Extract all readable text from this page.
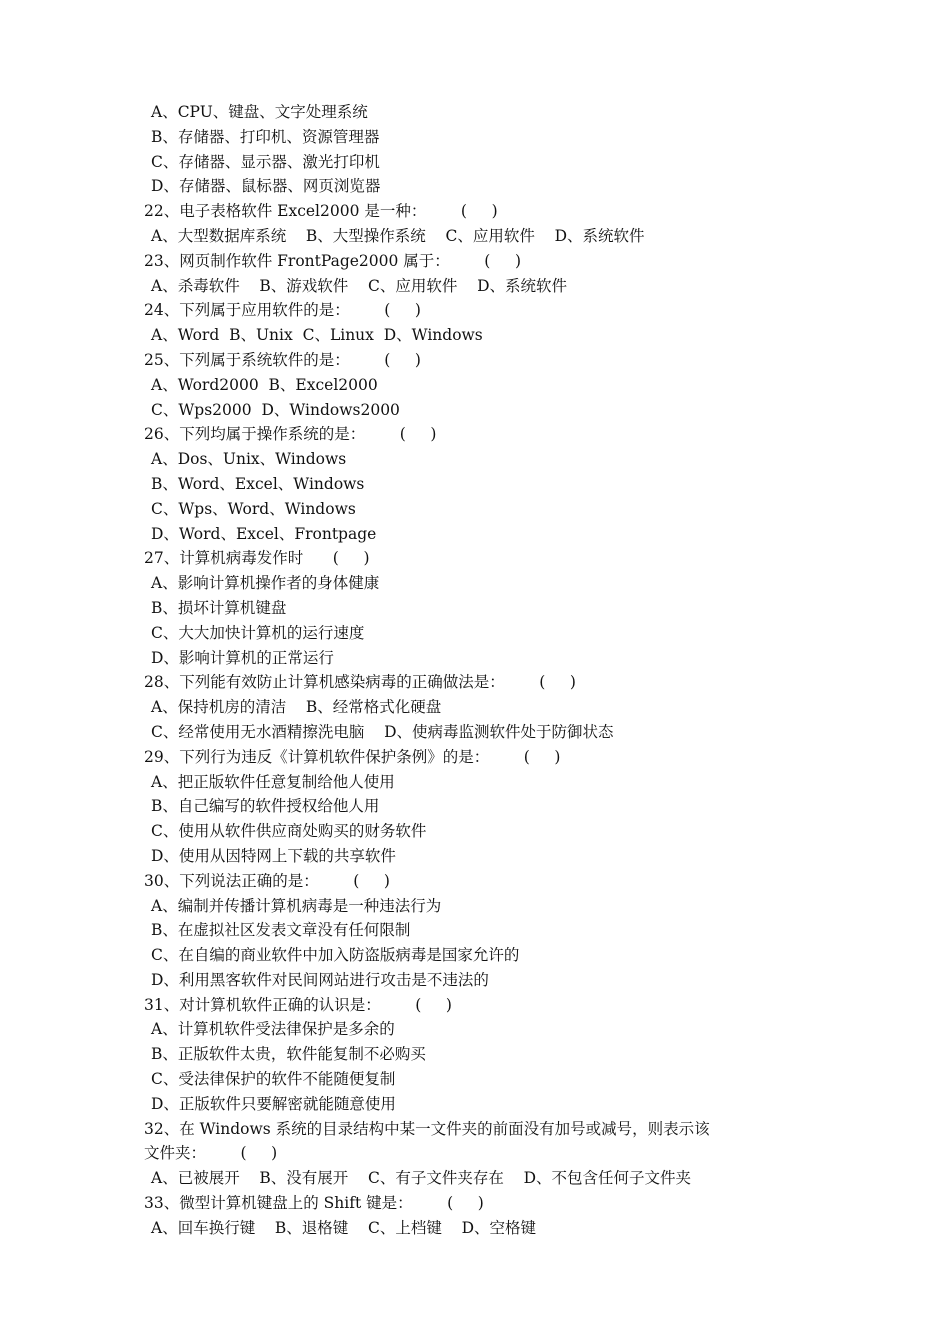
A、CPU、键盘、文字处理系统
B、存储器、打印机、资源管理器
C、存储器、显示器、激光打印机
D、存储器、鼠标器、网页浏览器
22、电子表格软件 Excel2000 是一种：       (     )
A、大型数据库系统    B、大型操作系统    C、应用软件    D、系统软件
23、网页制作软件 FrontPage2000 属于：       (     )
A、杀毒软件    B、游戏软件    C、应用软件    D、系统软件
24、下列属于应用软件的是：       (     )
A、Word  B、Unix  C、Linux  D、Windows
25、下列属于系统软件的是：       (     )
A、Word2000  B、Excel2000
C、Wps2000  D、Windows2000
26、下列均属于操作系统的是：       (     )
A、Dos、Unix、Windows
B、Word、Excel、Windows
C、Wps、Word、Windows
D、Word、Excel、Frontpage
27、计算机病毒发作时      (     )
A、影响计算机操作者的身体健康
B、损坏计算机键盘
C、大大加快计算机的运行速度
D、影响计算机的正常运行
28、下列能有效防止计算机感染病毒的正确做法是：       (     )
A、保持机房的清洁    B、经常格式化硬盘
C、经常使用无水酒精擦洗电脑    D、使病毒监测软件处于防御状态
29、下列行为违反《计算机软件保护条例》的是：       (     )
A、把正版软件任意复制给他人使用
B、自己编写的软件授权给他人用
C、使用从软件供应商处购买的财务软件
D、使用从因特网上下载的共享软件
30、下列说法正确的是：       (     )
A、编制并传播计算机病毒是一种违法行为
B、在虚拟社区发表文章没有任何限制
C、在自编的商业软件中加入防盗版病毒是国家允许的
D、利用黑客软件对民间网站进行攻击是不违法的
31、对计算机软件正确的认识是：       (     )
A、计算机软件受法律保护是多余的
B、正版软件太贵，软件能复制不必购买
C、受法律保护的软件不能随便复制
D、正版软件只要解密就能随意使用
32、在 Windows 系统的目录结构中某一文件夹的前面没有加号或减号，则表示该
文件夹：       (     )
A、已被展开    B、没有展开    C、有子文件夹存在    D、不包含任何子文件夹
33、微型计算机键盘上的 Shift 键是：       (     )
A、回车换行键    B、退格键    C、上档键    D、空格键
